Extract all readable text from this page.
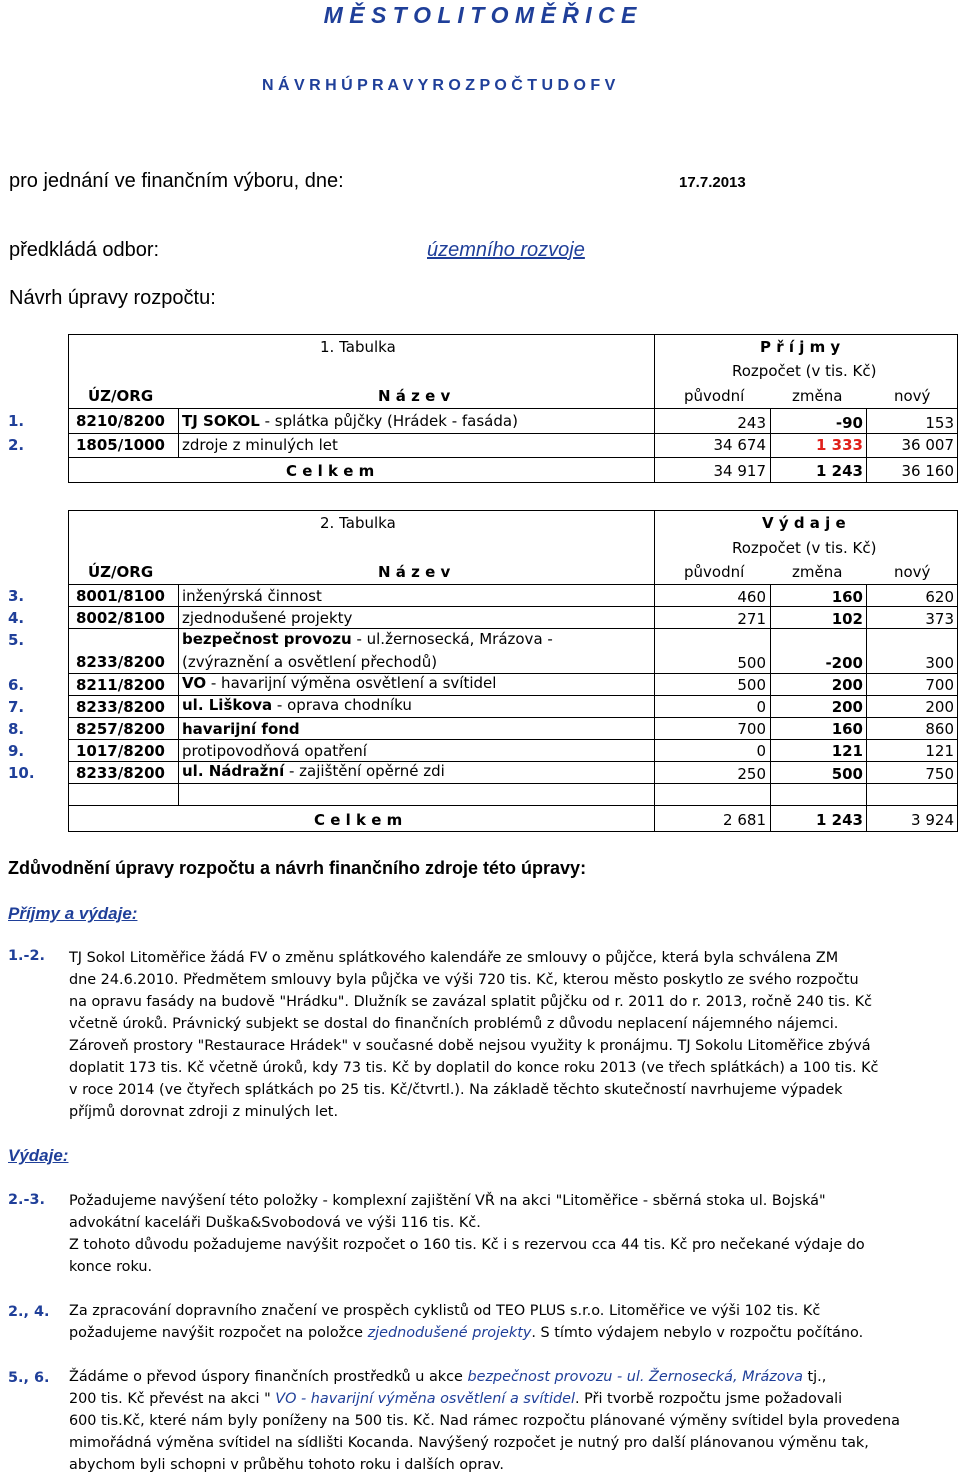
M Ě S T O L I T O M Ě Ř I C E
N Á V R H Ú P R A V Y R O Z P O Č T U D O F V
pro jednání ve finančním výboru, dne:	17.7.2013
předkládá odbor:	územního rozvoje
Návrh úpravy rozpočtu:
1. Tabulka	P ř í j m y
Rozpočet (v tis. Kč)
ÚZ/ORG	N á z e v	původní	změna	nový
1.	8210/8200 TJ SOKOL - splátka půjčky (Hrádek - fasáda)	243	-90	153
2.	1805/1000 zdroje z minulých let	34 674	1 333	36 007
C e l k e m	34 917	1 243	36 160
2. Tabulka	V ý d a j e
Rozpočet (v tis. Kč)
ÚZ/ORG	N á z e v	původní	změna	nový
3.	8001/8100 inženýrská činnost	460	160	620
4.	8002/8100 zjednodušené projekty	271	102	373
5.	bezpečnost provozu - ul.žernosecká, Mrázova -
8233/8200 (zvýraznění a osvětlení přechodů)	500	-200	300
6.	8211/8200 VO - havarijní výměna osvětlení a svítidel	500	200	700
7.	8233/8200 ul. Liškova - oprava chodníku	0	200	200
8.	8257/8200 havarijní fond	700	160	860
9.	1017/8200 protipovodňová opatření	0	121	121
10.	8233/8200 ul. Nádražní - zajištění opěrné zdi	250	500	750
C e l k e m	2 681	1 243	3 924
Zdůvodnění úpravy rozpočtu a návrh finančního zdroje této úpravy:
Příjmy a výdaje:
1.-2. TJ Sokol Litoměřice žádá FV o změnu splátkového kalendáře ze smlouvy o půjčce, která byla schválena ZM
dne 24.6.2010. Předmětem smlouvy byla půjčka ve výši 720 tis. Kč, kterou město poskytlo ze svého rozpočtu
na opravu fasády na budově "Hrádku". Dlužník se zavázal splatit půjčku od r. 2011 do r. 2013, ročně 240 tis. Kč
včetně úroků. Právnický subjekt se dostal do finančních problémů z důvodu neplacení nájemného nájemci.
Zároveň prostory "Restaurace Hrádek" v současné době nejsou využity k pronájmu. TJ Sokolu Litoměřice zbývá
doplatit 173 tis. Kč včetně úroků, kdy 73 tis. Kč by doplatil do konce roku 2013 (ve třech splátkách) a 100 tis. Kč
v roce 2014 (ve čtyřech splátkách po 25 tis. Kč/čtvrtl.). Na základě těchto skutečností navrhujeme výpadek
příjmů dorovnat zdroji z minulých let.
Výdaje:
2.-3. Požadujeme navýšení této položky - komplexní zajištění VŘ na akci "Litoměřice - sběrná stoka ul. Bojská"
advokátní kaceláři Duška&Svobodová ve výši 116 tis. Kč.
Z tohoto důvodu požadujeme navýšit rozpočet o 160 tis. Kč i s rezervou cca 44 tis. Kč pro nečekané výdaje do
konce roku.
2., 4. Za zpracování dopravního značení ve prospěch cyklistů od TEO PLUS s.r.o. Litoměřice ve výši 102 tis. Kč
požadujeme navýšit rozpočet na položce zjednodušené projekty. S tímto výdajem nebylo v rozpočtu počítáno.
5., 6. Žádáme o převod úspory finančních prostředků u akce bezpečnost provozu - ul. Žernosecká, Mrázova tj.,
200 tis. Kč převést na akci " VO - havarijní výměna osvětlení a svítidel. Při tvorbě rozpočtu jsme požadovali
600 tis.Kč, které nám byly poníženy na 500 tis. Kč. Nad rámec rozpočtu plánované výměny svítidel byla provedena
mimořádná výměna svítidel na sídlišti Kocanda. Navýšený rozpočet je nutný pro další plánovanou výměnu tak,
abychom byli schopni v průběhu tohoto roku i dalších oprav.
